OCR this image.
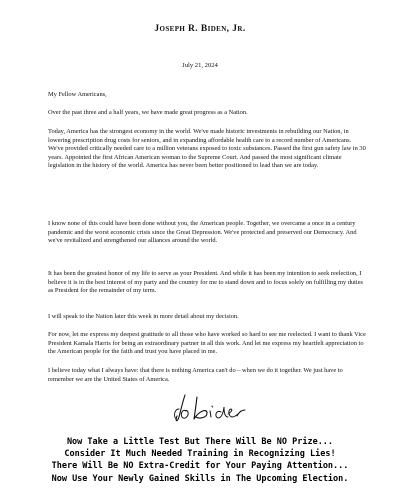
Joseph R. Biden, Jr.
July 21, 2024

My Fellow Americans,

Over the past three and a half years, we have made great progress as a Nation.

Today, America has the strongest economy in the world. We've made historic investments in rebuilding our Nation, in lowering prescription drug costs for seniors, and in expanding affordable health care to a record number of Americans. We've provided critically needed care to a million veterans exposed to toxic substances. Passed the first gun safety law in 30 years. Appointed the first African American woman to the Supreme Court. And passed the most significant climate legislation in the history of the world. America has never been better positioned to lead than we are today.

I know none of this could have been done without you, the American people. Together, we overcame a once in a century pandemic and the worst economic crisis since the Great Depression. We've protected and preserved our Democracy. And we've revitalized and strengthened our alliances around the world.

It has been the greatest honor of my life to serve as your President. And while it has been my intention to seek reelection, I believe it is in the best interest of my party and the country for me to stand down and to focus solely on fulfilling my duties as President for the remainder of my term.

I will speak to the Nation later this week in more detail about my decision.

For now, let me express my deepest gratitude to all those who have worked so hard to see me reelected. I want to thank Vice President Kamala Harris for being an extraordinary partner in all this work. And let me express my heartfelt appreciation to the American people for the faith and trust you have placed in me.

I believe today what I always have: that there is nothing America can't do – when we do it together. We just have to remember we are the United States of America.

Now Take a Little Test But There Will Be NO Prize...
Consider It Much Needed Training in Recognizing Lies!
There Will Be NO Extra-Credit for Your Paying Attention...
Now Use Your Newly Gained Skills in The Upcoming Election.
